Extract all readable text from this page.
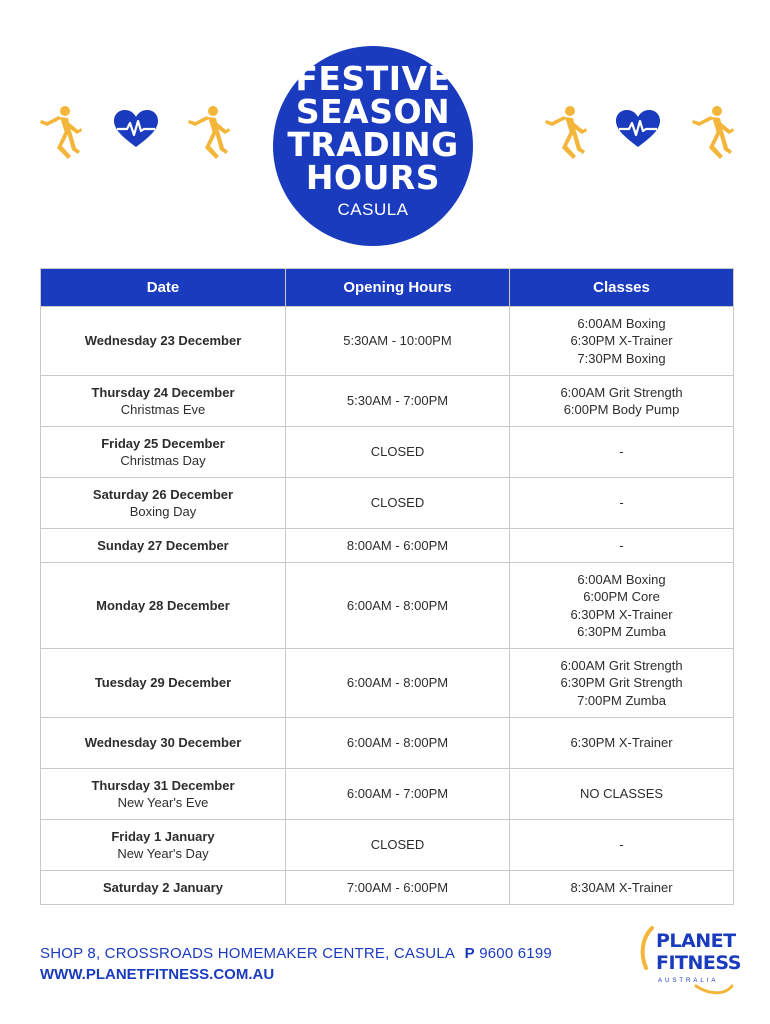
FESTIVE
SEASON
TRADING
HOURS
CASULA
Date	Opening Hours	Classes

Wednesday 23 December	5:30AM - 10:00PM	6:00AM Boxing
6:30PM X-Trainer
7:30PM Boxing

Thursday 24 December
Christmas Eve	5:30AM - 7:00PM	6:00AM Grit Strength
6:00PM Body Pump

Friday 25 December
Christmas Day	CLOSED	-

Saturday 26 December
Boxing Day	CLOSED	-

Sunday 27 December	8:00AM - 6:00PM	-

Monday 28 December	6:00AM - 8:00PM	6:00AM Boxing
6:00PM Core
6:30PM X-Trainer
6:30PM Zumba

Tuesday 29 December	6:00AM - 8:00PM	6:00AM Grit Strength
6:30PM Grit Strength
7:00PM Zumba

Wednesday 30 December	6:00AM - 8:00PM	6:30PM X-Trainer

Thursday 31 December
New Year's Eve	6:00AM - 7:00PM	NO CLASSES

Friday 1 January
New Year's Day	CLOSED	-

Saturday 2 January	7:00AM - 6:00PM	8:30AM X-Trainer
SHOP 8, CROSSROADS HOMEMAKER CENTRE, CASULA P 9600 6199
WWW.PLANETFITNESS.COM.AU
PLANET
FITNESS
AUSTRALIA
